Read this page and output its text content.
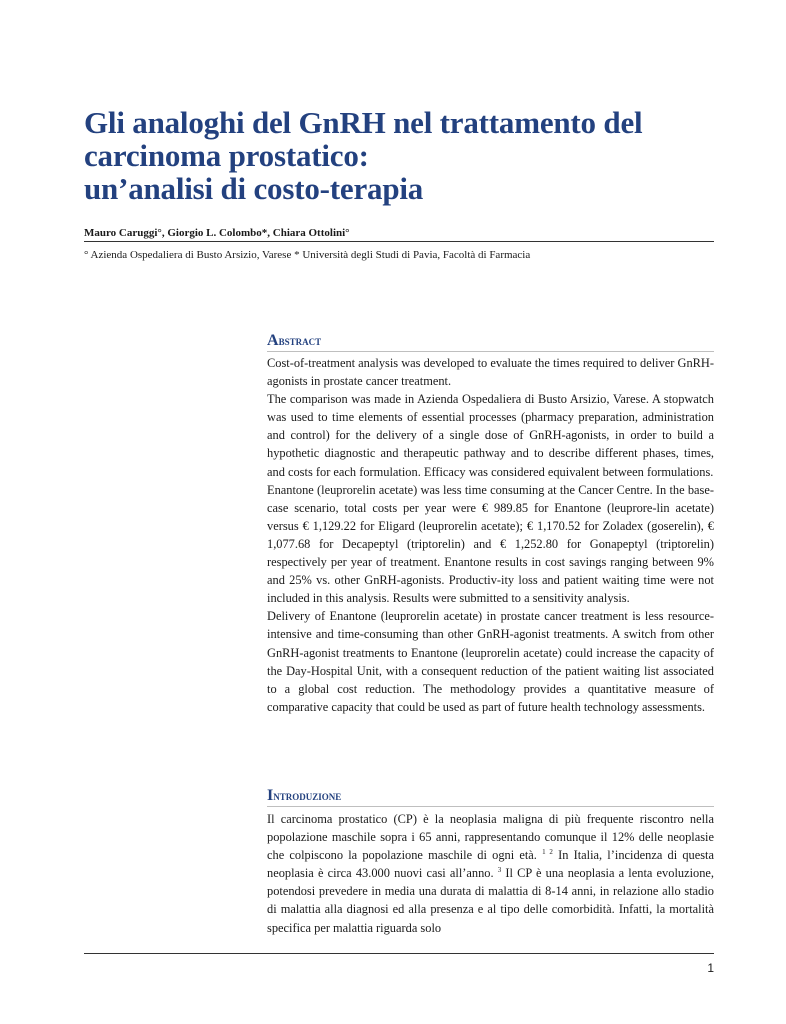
Gli analoghi del GnRH nel trattamento del
carcinoma prostatico:
un’analisi di costo-terapia
Mauro Caruggi°, Giorgio L. Colombo*, Chiara Ottolini°
° Azienda Ospedaliera di Busto Arsizio, Varese * Università degli Studi di Pavia, Facoltà di Farmacia
Abstract

Cost-of-treatment analysis was developed to evaluate the times required to deliver GnRH-agonists in prostate cancer treatment.

The comparison was made in Azienda Ospedaliera di Busto Arsizio, Varese. A stopwatch was used to time elements of essential processes (pharmacy preparation, administration and control) for the delivery of a single dose of GnRH-agonists, in order to build a hypothetic diagnostic and therapeutic pathway and to describe different phases, times, and costs for each formulation. Efficacy was considered equivalent between formulations.

Enantone (leuprorelin acetate) was less time consuming at the Cancer Centre. In the base-case scenario, total costs per year were € 989.85 for Enantone (leuprore-lin acetate) versus € 1,129.22 for Eligard (leuprorelin acetate); € 1,170.52 for Zoladex (goserelin), € 1,077.68 for Decapeptyl (triptorelin) and € 1,252.80 for Gonapeptyl (triptorelin) respectively per year of treatment. Enantone results in cost savings ranging between 9% and 25% vs. other GnRH-agonists. Productiv-ity loss and patient waiting time were not included in this analysis. Results were submitted to a sensitivity analysis.

Delivery of Enantone (leuprorelin acetate) in prostate cancer treatment is less resource-intensive and time-consuming than other GnRH-agonist treatments. A switch from other GnRH-agonist treatments to Enantone (leuprorelin acetate) could increase the capacity of the Day-Hospital Unit, with a consequent reduction of the patient waiting list associated to a global cost reduction. The methodology provides a quantitative measure of comparative capacity that could be used as part of future health technology assessments.

Introduzione

Il carcinoma prostatico (CP) è la neoplasia maligna di più frequente riscontro nella popolazione maschile sopra i 65 anni, rappresentando comunque il 12% delle neoplasie che colpiscono la popolazione maschile di ogni età. $^{1 2}$ In Italia, l’incidenza di questa neoplasia è circa 43.000 nuovi casi all’anno. $^3$ Il CP è una neoplasia a lenta evoluzione, potendosi prevedere in media una durata di malattia di 8-14 anni, in relazione allo stadio di malattia alla diagnosi ed alla presenza e al tipo delle comorbidità. Infatti, la mortalità specifica per malattia riguarda solo

1
